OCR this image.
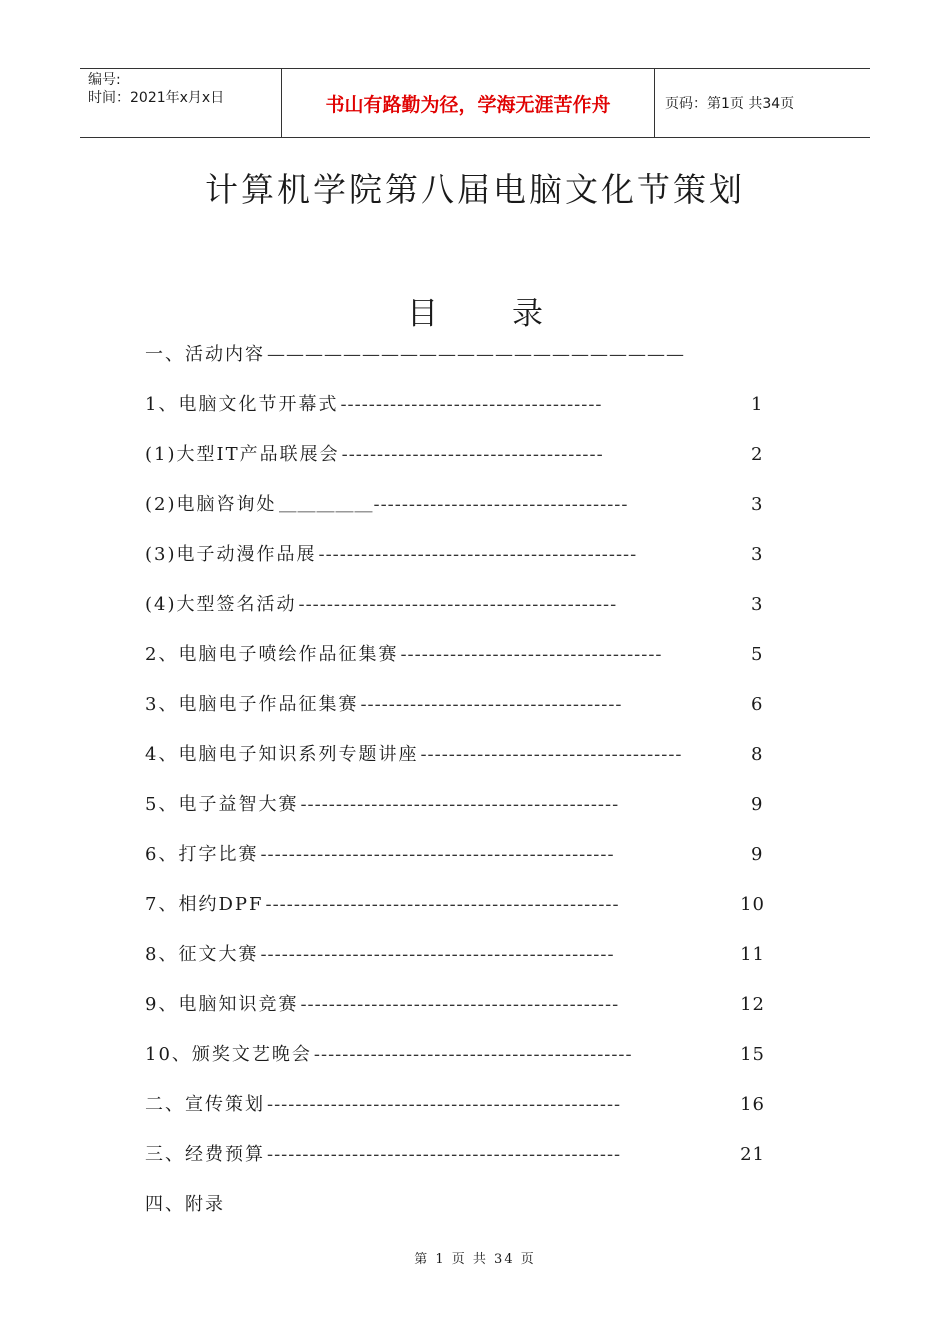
编号:
时间：2021年x月x日	书山有路勤为径，学海无涯苦作舟	页码：第1页 共34页
计算机学院第八届电脑文化节策划
目 录
一、活动内容 ——————————————————————
1、电脑文化节开幕式 -------------------------------------	1
(1)大型IT产品联展会 -------------------------------------	2
(2)电脑咨询处 ＿＿＿＿＿------------------------------------	3
(3)电子动漫作品展 ---------------------------------------------	3
(4)大型签名活动 ---------------------------------------------	3
2、电脑电子喷绘作品征集赛 -------------------------------------	5
3、电脑电子作品征集赛 -------------------------------------	6
4、电脑电子知识系列专题讲座 -------------------------------------	8
5、电子益智大赛 ---------------------------------------------	9
6、打字比赛 --------------------------------------------------	9
7、相约DPF --------------------------------------------------	10
8、征文大赛 --------------------------------------------------	11
9、电脑知识竞赛 ---------------------------------------------	12
10、颁奖文艺晚会 ---------------------------------------------	15
二、宣传策划 --------------------------------------------------	16
三、经费预算 --------------------------------------------------	21
四、附录
第 1 页 共 34 页
